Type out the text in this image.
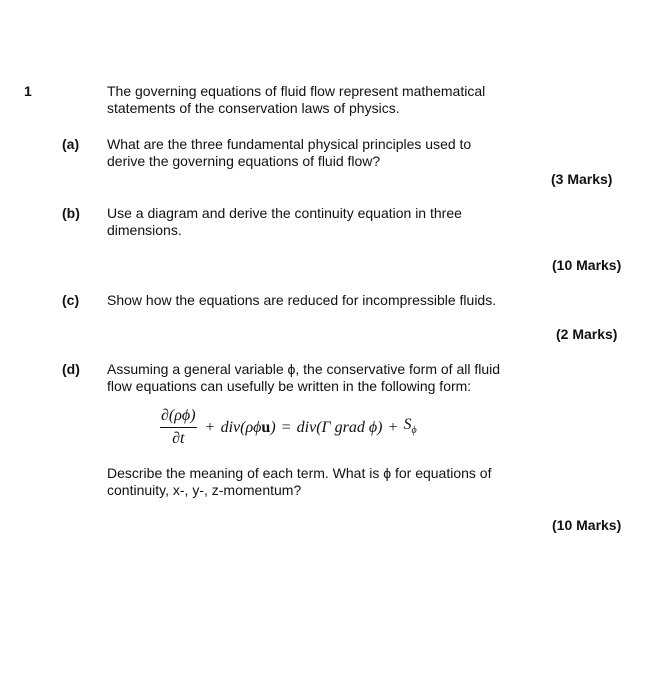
1	The governing equations of fluid flow represent mathematical
statements of the conservation laws of physics.
(a) What are the three fundamental physical principles used to
derive the governing equations of fluid flow?
(3 Marks)
(b) Use a diagram and derive the continuity equation in three
dimensions.
(10 Marks)
(c) Show how the equations are reduced for incompressible fluids.
(2 Marks)
(d) Assuming a general variable ϕ, the conservative form of all fluid
flow equations can usefully be written in the following form:
$\frac{\partial(\rho\phi)}{\partial t} + div(\rho\phi u) = div(\Gamma$ grad $\phi) + S_\phi$
Describe the meaning of each term. What is ϕ for equations of
continuity, x-, y-, z-momentum?
(10 Marks)
